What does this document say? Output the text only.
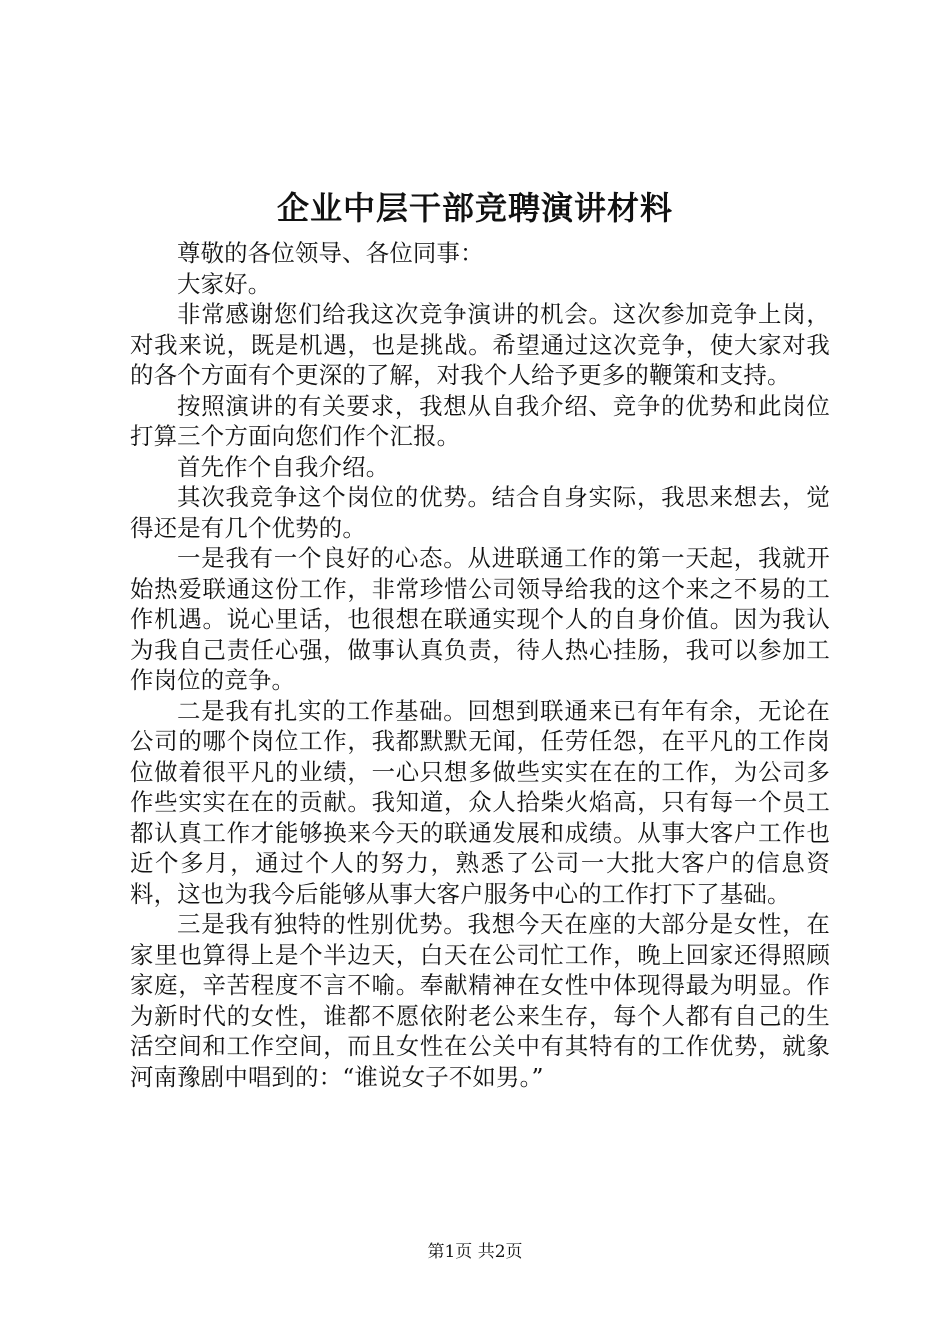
企业中层干部竞聘演讲材料

尊敬的各位领导、各位同事：

大家好。

非常感谢您们给我这次竞争演讲的机会。这次参加竞争上岗，对我来说，既是机遇，也是挑战。希望通过这次竞争，使大家对我的各个方面有个更深的了解，对我个人给予更多的鞭策和支持。

按照演讲的有关要求，我想从自我介绍、竞争的优势和此岗位打算三个方面向您们作个汇报。

首先作个自我介绍。

其次我竞争这个岗位的优势。结合自身实际，我思来想去，觉得还是有几个优势的。

一是我有一个良好的心态。从进联通工作的第一天起，我就开始热爱联通这份工作，非常珍惜公司领导给我的这个来之不易的工作机遇。说心里话，也很想在联通实现个人的自身价值。因为我认为我自己责任心强，做事认真负责，待人热心挂肠，我可以参加工作岗位的竞争。

二是我有扎实的工作基础。回想到联通来已有年有余，无论在公司的哪个岗位工作，我都默默无闻，任劳任怨，在平凡的工作岗位做着很平凡的业绩，一心只想多做些实实在在的工作，为公司多作些实实在在的贡献。我知道，众人拾柴火焰高，只有每一个员工都认真工作才能够换来今天的联通发展和成绩。从事大客户工作也近个多月，通过个人的努力，熟悉了公司一大批大客户的信息资料，这也为我今后能够从事大客户服务中心的工作打下了基础。

三是我有独特的性别优势。我想今天在座的大部分是女性，在家里也算得上是个半边天，白天在公司忙工作，晚上回家还得照顾家庭，辛苦程度不言不喻。奉献精神在女性中体现得最为明显。作为新时代的女性，谁都不愿依附老公来生存，每个人都有自己的生活空间和工作空间，而且女性在公关中有其特有的工作优势，就象河南豫剧中唱到的：“谁说女子不如男。”

第1页 共2页
